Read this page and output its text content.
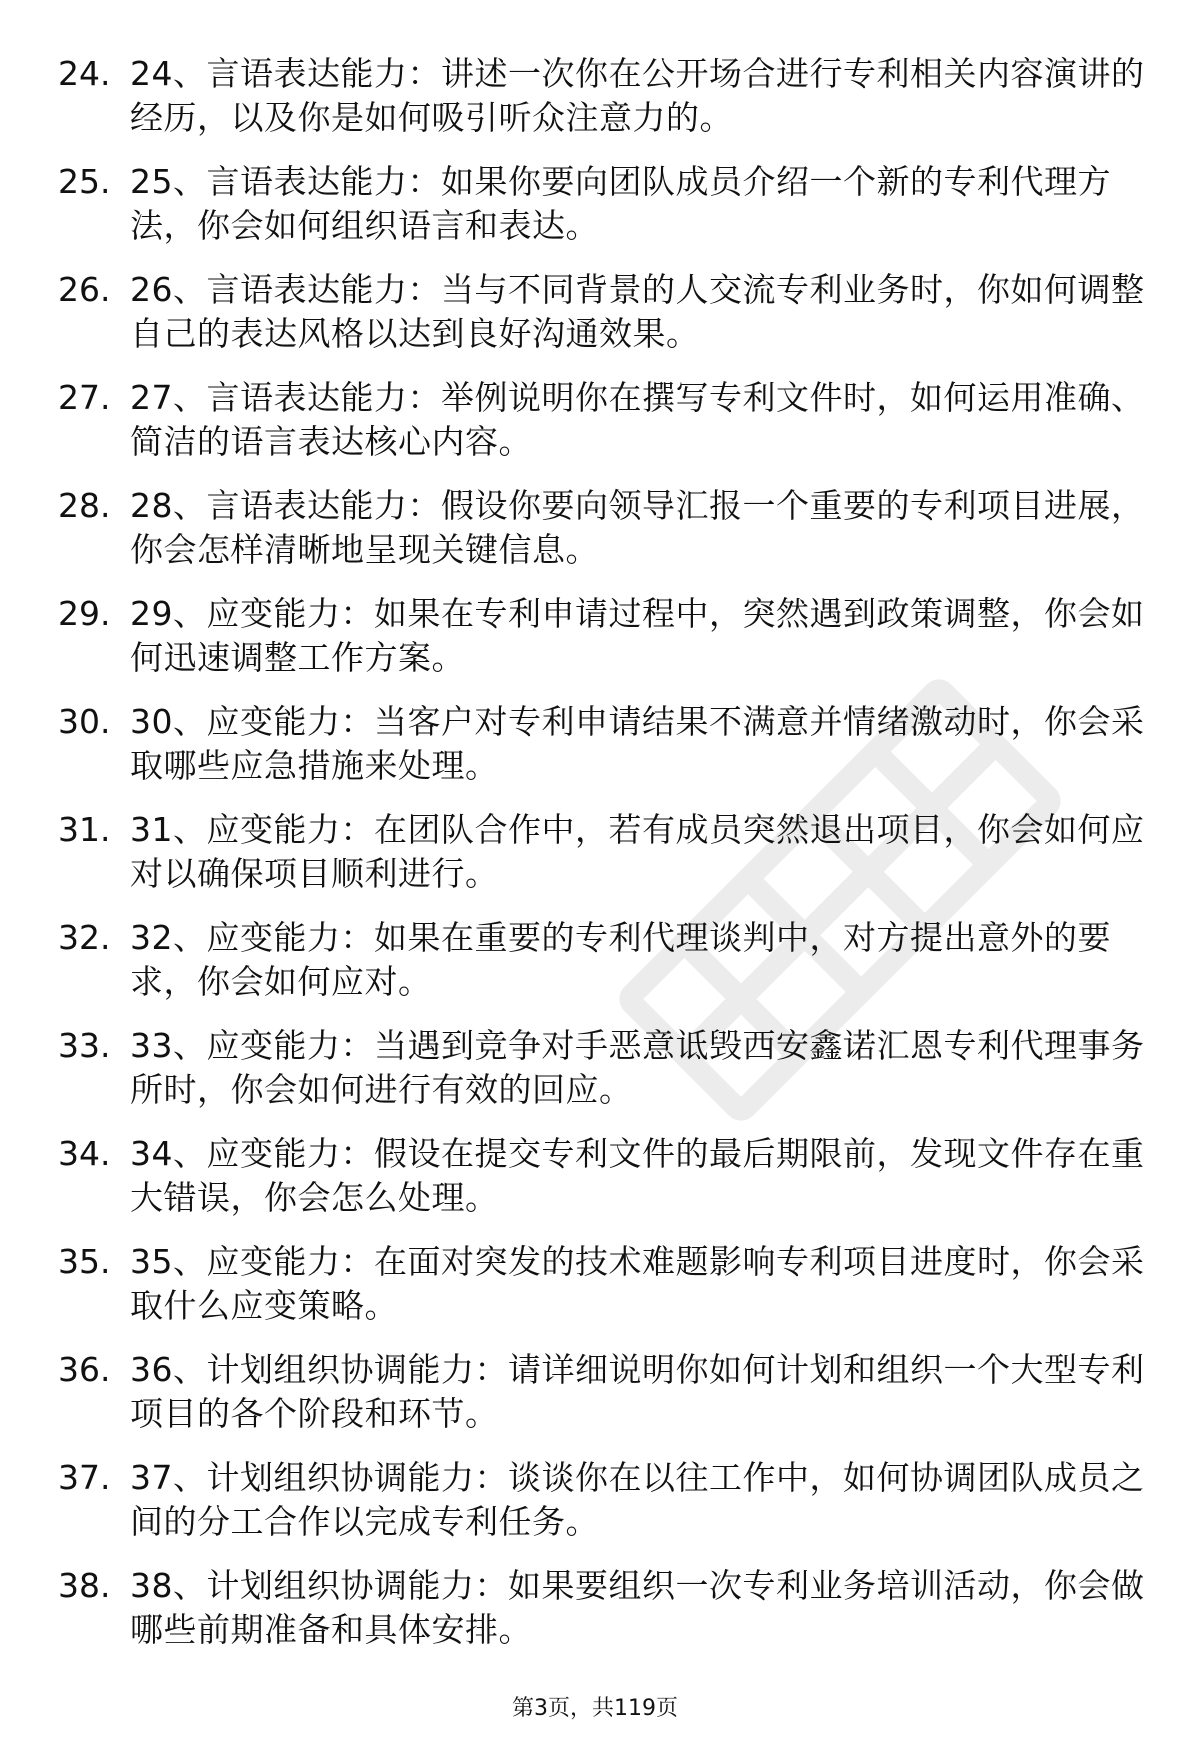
24. 24、言语表达能力：讲述一次你在公开场合进行专利相关内容演讲的经历，以及你是如何吸引听众注意力的。
25. 25、言语表达能力：如果你要向团队成员介绍一个新的专利代理方法，你会如何组织语言和表达。
26. 26、言语表达能力：当与不同背景的人交流专利业务时，你如何调整自己的表达风格以达到良好沟通效果。
27. 27、言语表达能力：举例说明你在撰写专利文件时，如何运用准确、简洁的语言表达核心内容。
28. 28、言语表达能力：假设你要向领导汇报一个重要的专利项目进展，你会怎样清晰地呈现关键信息。
29. 29、应变能力：如果在专利申请过程中，突然遇到政策调整，你会如何迅速调整工作方案。
30. 30、应变能力：当客户对专利申请结果不满意并情绪激动时，你会采取哪些应急措施来处理。
31. 31、应变能力：在团队合作中，若有成员突然退出项目，你会如何应对以确保项目顺利进行。
32. 32、应变能力：如果在重要的专利代理谈判中，对方提出意外的要求，你会如何应对。
33. 33、应变能力：当遇到竞争对手恶意诋毁西安鑫诺汇恩专利代理事务所时，你会如何进行有效的回应。
34. 34、应变能力：假设在提交专利文件的最后期限前，发现文件存在重大错误，你会怎么处理。
35. 35、应变能力：在面对突发的技术难题影响专利项目进度时，你会采取什么应变策略。
36. 36、计划组织协调能力：请详细说明你如何计划和组织一个大型专利项目的各个阶段和环节。
37. 37、计划组织协调能力：谈谈你在以往工作中，如何协调团队成员之间的分工合作以完成专利任务。
38. 38、计划组织协调能力：如果要组织一次专利业务培训活动，你会做哪些前期准备和具体安排。
第3页，共119页
